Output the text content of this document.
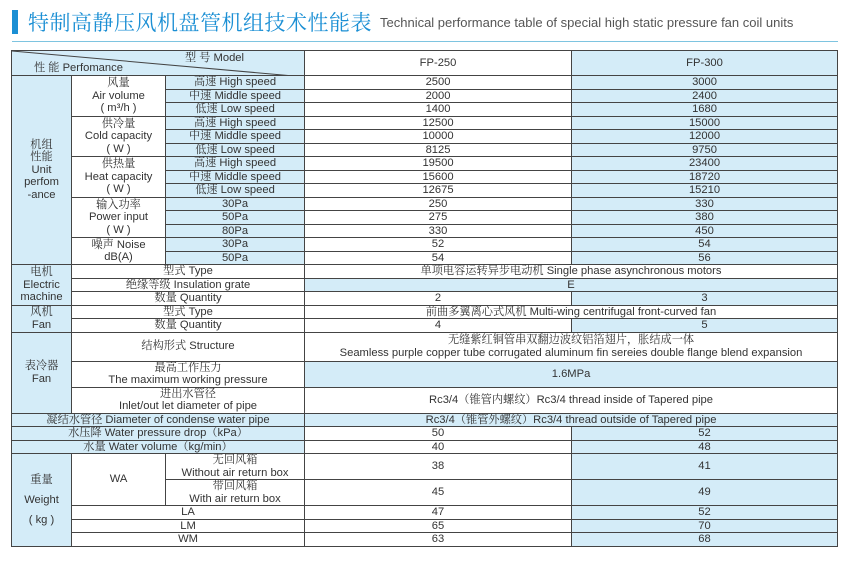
特制高静压风机盘管机组技术性能表 Technical performance table of special high static pressure fan coil units
型 号 Model
性 能 Perfomance			FP-250	FP-300

机组
性能
Unit
perfom
-ance

风量
Air volume
( m³/h )
	高速 High speed	2500	3000
		中速 Middle speed	2000	2400
		低速 Low speed	1400	1680

	供冷量
Cold capacity
( W )	高速 High speed	12500	15000
		中速 Middle speed	10000	12000
		低速 Low speed	8125	9750

	供热量
Heat capacity
( W )	高速 High speed	19500	23400
		中速 Middle speed	15600	18720
		低速 Low speed	12675	15210

	输入功率
Power input
( W )	30Pa	250	330
		50Pa	275	380
		80Pa	330	450

	噪声 Noise
dB(A)	30Pa	52	54
		50Pa	54	56

电机
Electric
machine	型式 Type		单项电容运转异步电动机 Single phase asynchronous motors	
	绝缘等级 Insulation grate		E	
	数量 Quantity		2	3

风机
Fan	型式 Type		前曲多翼离心式风机 Multi-wing centrifugal front-curved fan	
	数量 Quantity		4	5

表冷器
Fan
	结构形式 Structure	
无缝紫红铜管串双翻边波纹铝箔翅片，胀结成一体
Seamless purple copper tube corrugated aluminum fin sereies double flange blend expansion

	最高工作压力
The maximum working pressure		1.6MPa	

	进出水管径
Inlet/out let diameter of pipe		Rc3/4（锥管内螺纹）Rc3/4 thread inside of Tapered pipe	
凝结水管径 Diameter of condense water pipe			Rc3/4（锥管外螺纹）Rc3/4 thread outside of Tapered pipe	
水压降 Water pressure drop（kPa）			50	52
水量 Water volume（kg/min）			40	48

重量
Weight
( kg )
	WA	
无回风箱
Without air return box
	38	41

		带回风箱
With air return box	45	49
	LA		47	52
	LM		65	70
	WM		63	68
